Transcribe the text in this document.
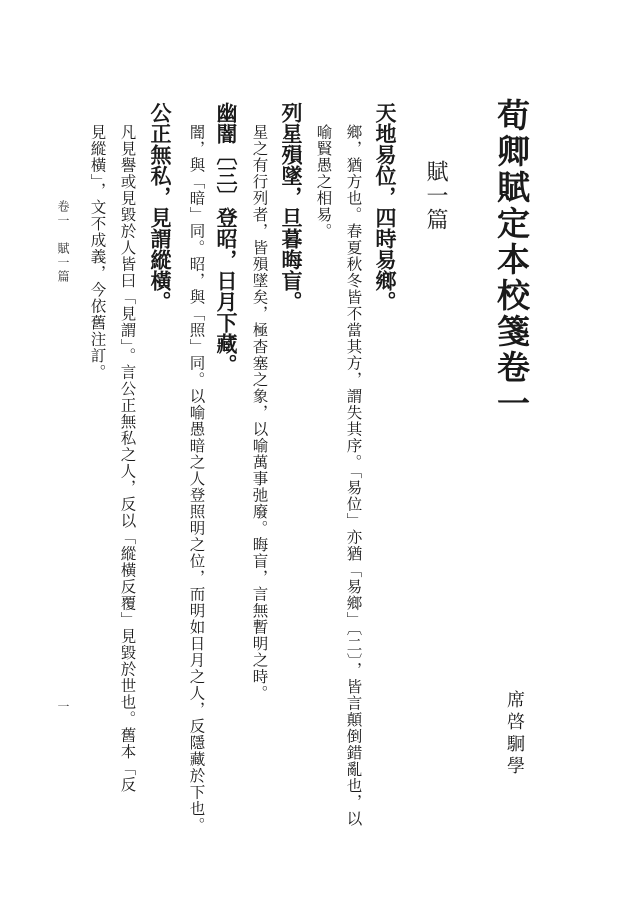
荀卿賦定本校箋卷一
賦一篇
席啓駉學
天地易位，四時易鄉。
鄉，猶方也。春夏秋冬皆不當其方，謂失其序。「易位」亦猶「易鄉」〔二〕，皆言顛倒錯亂也，以
喻賢愚之相易。
列星殞墜，旦暮晦盲。
星之有行列者，皆殞墜矣，極杳塞之象，以喻萬事弛廢。晦盲，言無暫明之時。
幽闇〔三〕登昭，日月下藏。
闇，與「暗」同。昭，與「照」同。以喻愚暗之人登照明之位，而明如日月之人，反隱藏於下也。
公正無私，見謂縱橫。
凡見譽或見毀於人皆曰「見謂」。言公正無私之人，反以「縱橫反覆」見毀於世也。舊本「反
見縱橫」，文不成義，今依舊注訂。
卷一　賦一篇
一
